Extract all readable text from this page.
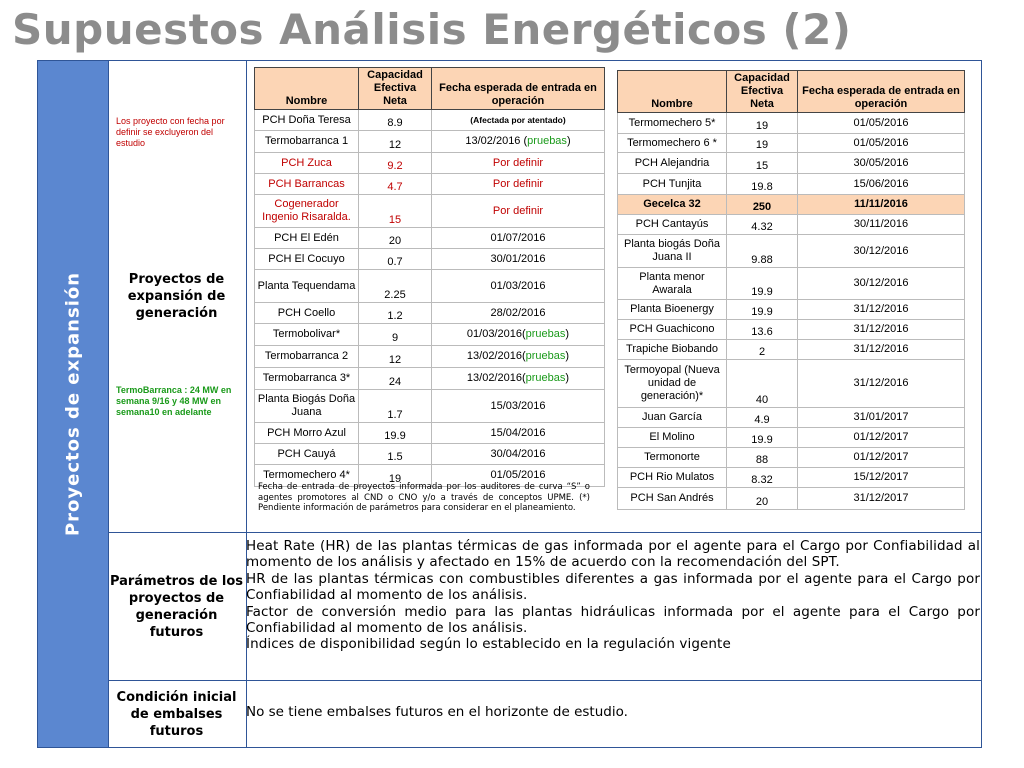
Supuestos Análisis Energéticos (2)
Proyectos de expansión	Proyectos de expansión de generación
Parámetros de los proyectos de generación futuros
Condición inicial de embalses futuros
Los proyecto con fecha por definir se excluyeron del estudio
TermoBarranca : 24 MW en semana 9/16 y 48 MW en semana10 en adelante
Nombre	Capacidad Efectiva Neta	Fecha esperada de entrada en operación
PCH Doña Teresa	8.9	(Afectada por atentado)
Termobarranca 1	12	13/02/2016 (pruebas)
PCH Zuca	9.2	Por definir
PCH Barrancas	4.7	Por definir
Cogenerador Ingenio Risaralda.	15	Por definir
PCH El Edén	20	01/07/2016
PCH El Cocuyo	0.7	30/01/2016
Planta Tequendama	2.25	01/03/2016
PCH Coello	1.2	28/02/2016
Termobolivar*	9	01/03/2016(pruebas)
Termobarranca 2	12	13/02/2016(pruebas)
Termobarranca 3*	24	13/02/2016(pruebas)
Planta Biogás Doña Juana	1.7	15/03/2016
PCH Morro Azul	19.9	15/04/2016
PCH Cauyá	1.5	30/04/2016
Termomechero 4*	19	01/05/2016
Nombre	Capacidad Efectiva Neta	Fecha esperada de entrada en operación
Termomechero 5*	19	01/05/2016
Termomechero 6 *	19	01/05/2016
PCH Alejandria	15	30/05/2016
PCH Tunjita	19.8	15/06/2016
Gecelca 32	250	11/11/2016
PCH Cantayús	4.32	30/11/2016
Planta biogás Doña Juana II	9.88	30/12/2016
Planta menor Awarala	19.9	30/12/2016
Planta Bioenergy	19.9	31/12/2016
PCH Guachicono	13.6	31/12/2016
Trapiche Biobando	2	31/12/2016
Termoyopal (Nueva unidad de generación)*	40	31/12/2016
Juan García	4.9	31/01/2017
El Molino	19.9	01/12/2017
Termonorte	88	01/12/2017
PCH Rio Mulatos	8.32	15/12/2017
PCH San Andrés	20	31/12/2017
Fecha de entrada de proyectos informada por los auditores de curva “S” o agentes promotores al CND o CNO y/o a través de conceptos UPME. (*) Pendiente información de parámetros para considerar en el planeamiento.

Heat Rate (HR) de las plantas térmicas de gas informada por el agente para el Cargo por Confiabilidad al momento de los análisis y afectado en 15% de acuerdo con la recomendación del SPT.

HR de las plantas térmicas con combustibles diferentes a gas informada por el agente para el Cargo por Confiabilidad al momento de los análisis.

Factor de conversión medio para las plantas hidráulicas informada por el agente para el Cargo por Confiabilidad al momento de los análisis.

Índices de disponibilidad según lo establecido en la regulación vigente

No se tiene embalses futuros en el horizonte de estudio.
